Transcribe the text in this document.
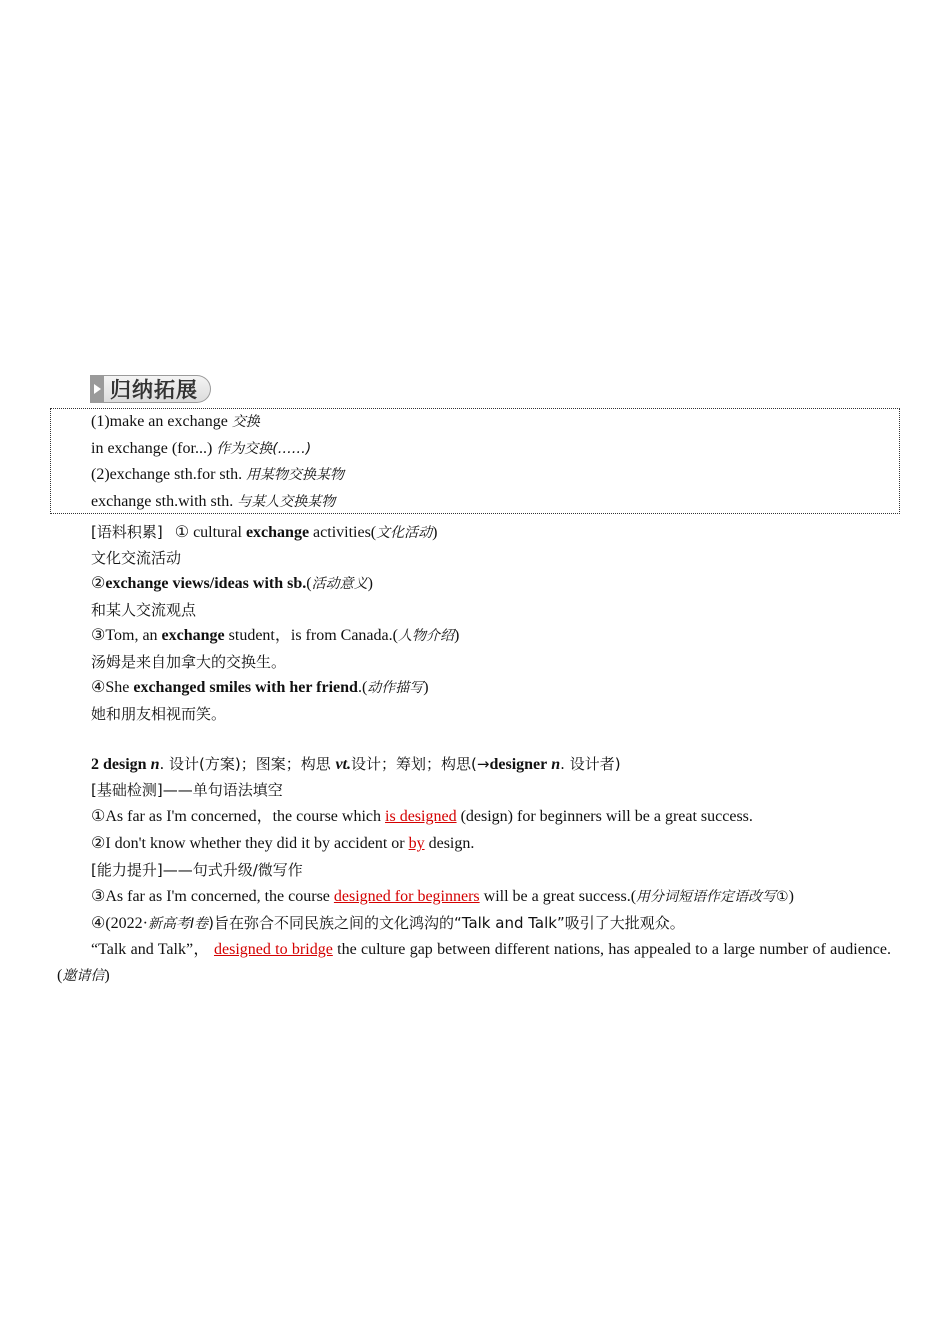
归纳拓展
(1)make an exchange 交换
in exchange (for...) 作为交换(……)
(2)exchange sth.for sth. 用某物交换某物
exchange sth.with sth. 与某人交换某物
[语料积累] ① cultural exchange activities(文化活动)
文化交流活动
②exchange views/ideas with sb.(活动意义)
和某人交流观点
③Tom, an exchange student，is from Canada.(人物介绍)
汤姆是来自加拿大的交换生。
④She exchanged smiles with her friend.(动作描写)
她和朋友相视而笑。
2 design n. 设计(方案)；图案；构思 vt.设计；筹划；构思(→designer n. 设计者)
[基础检测]——单句语法填空
①As far as I'm concerned，the course which is designed (design) for beginners will be a great success.
②I don't know whether they did it by accident or by design.
[能力提升]——句式升级/微写作
③As far as I'm concerned, the course designed for beginners will be a great success.(用分词短语作定语改写①)
④(2022·新高考Ⅰ卷)旨在弥合不同民族之间的文化鸿沟的“Talk and Talk”吸引了大批观众。
“Talk and Talk”， designed to bridge the culture gap between different nations, has appealed to a large number of audience.(邀请信)
